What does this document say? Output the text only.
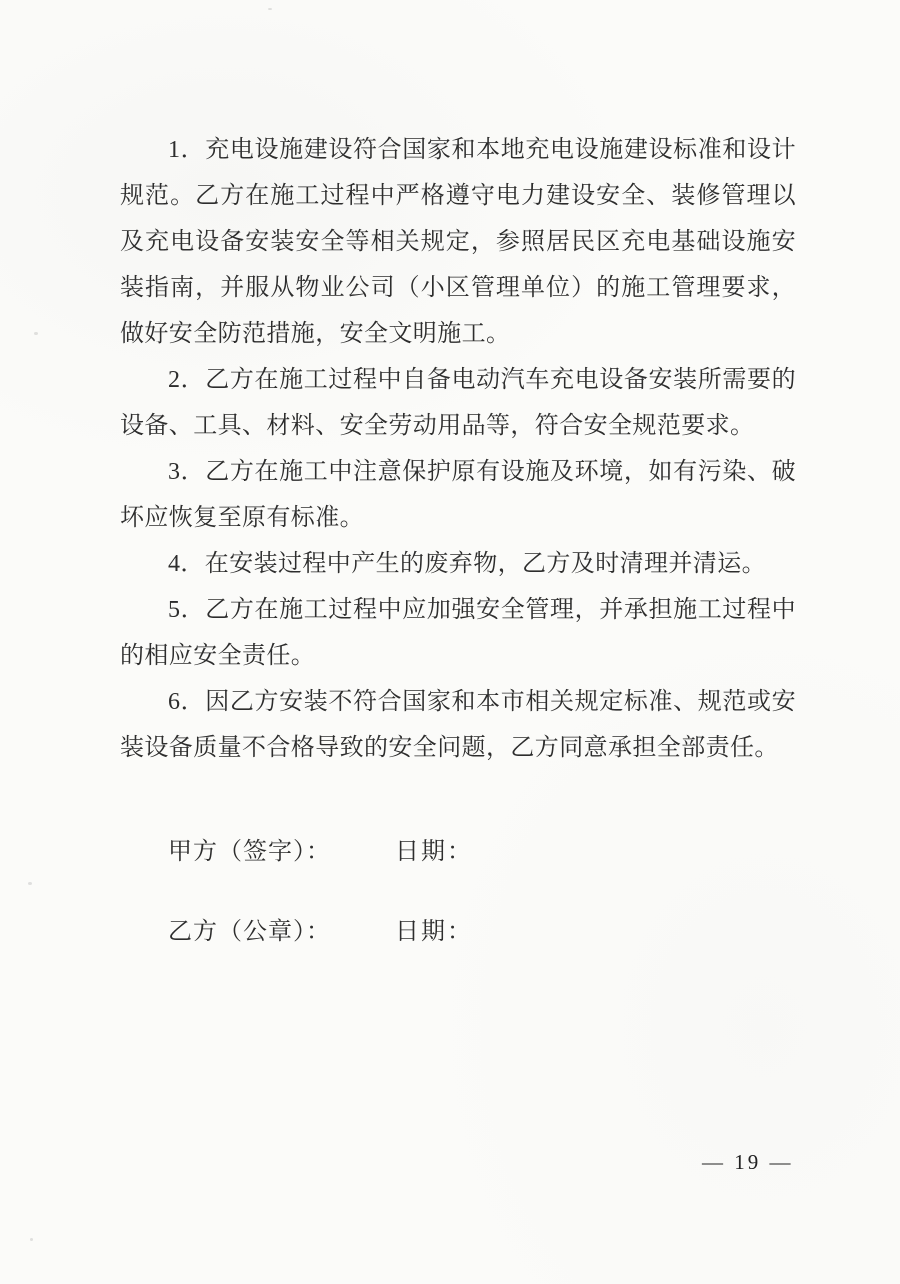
1．充电设施建设符合国家和本地充电设施建设标准和设计规范。乙方在施工过程中严格遵守电力建设安全、装修管理以及充电设备安装安全等相关规定，参照居民区充电基础设施安装指南，并服从物业公司（小区管理单位）的施工管理要求，做好安全防范措施，安全文明施工。

2．乙方在施工过程中自备电动汽车充电设备安装所需要的设备、工具、材料、安全劳动用品等，符合安全规范要求。

3．乙方在施工中注意保护原有设施及环境，如有污染、破坏应恢复至原有标准。

4．在安装过程中产生的废弃物，乙方及时清理并清运。

5．乙方在施工过程中应加强安全管理，并承担施工过程中的相应安全责任。

6．因乙方安装不符合国家和本市相关规定标准、规范或安装设备质量不合格导致的安全问题，乙方同意承担全部责任。

甲方（签字）：	日期：
乙方（公章）：	日期：
— 19 —
